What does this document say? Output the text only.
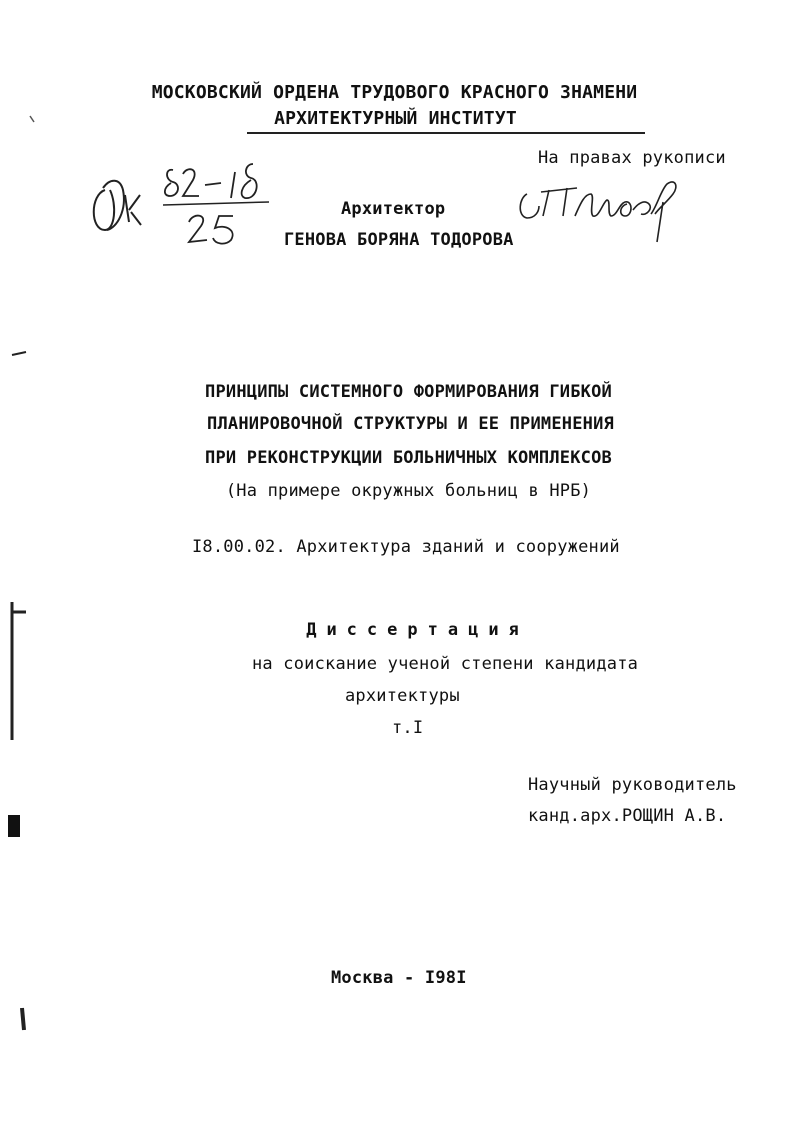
МОСКОВСКИЙ ОРДЕНА ТРУДОВОГО КРАСНОГО ЗНАМЕНИ
АРХИТЕКТУРНЫЙ ИНСТИТУТ
На правах рукописи
Архитектор
ГЕНОВА БОРЯНА ТОДОРОВА
ПРИНЦИПЫ СИСТЕМНОГО ФОРМИРОВАНИЯ ГИБКОЙ
ПЛАНИРОВОЧНОЙ СТРУКТУРЫ И ЕЕ ПРИМЕНЕНИЯ
ПРИ РЕКОНСТРУКЦИИ БОЛЬНИЧНЫХ КОМПЛЕКСОВ
(На примере окружных больниц в НРБ)
I8.00.02. Архитектура зданий и сооружений
Диссертация
на соискание ученой степени кандидата
архитектуры
т.I
Научный руководитель
канд.арх.РОЩИН А.В.
Москва - I98I
